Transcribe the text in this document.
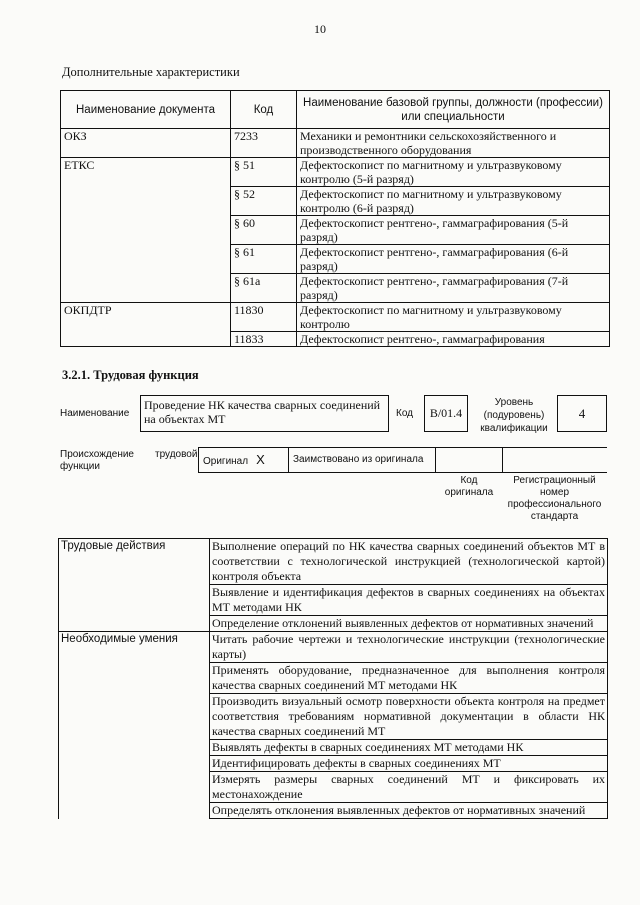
10
Дополнительные характеристики
Наименование документа	Код	Наименование базовой группы, должности (профессии) или специальности
ОКЗ	7233	Механики и ремонтники сельскохозяйственного и производственного оборудования
ЕТКС	§ 51	Дефектоскопист по магнитному и ультразвуковому контролю (5-й разряд)
	§ 52	Дефектоскопист по магнитному и ультразвуковому контролю (6-й разряд)
	§ 60	Дефектоскопист рентгено-, гаммаграфирования (5-й разряд)
	§ 61	Дефектоскопист рентгено-, гаммаграфирования (6-й разряд)
	§ 61а	Дефектоскопист рентгено-, гаммаграфирования (7-й разряд)
ОКПДТР	11830	Дефектоскопист по магнитному и ультразвуковому контролю
	11833	Дефектоскопист рентгено-, гаммаграфирования
3.2.1. Трудовая функция
Наименование
Проведение НК качества сварных соединений на объектах МТ	Код	В/01.4
Уровень (подуровень) квалификации
4
Происхождение функции
трудовой
Оригинал X	Заимствовано из оригинала
Код оригинала
Регистрационный номер профессионального стандарта
Трудовые действия	Выполнение операций по НК качества сварных соединений объектов МТ в соответствии с технологической инструкцией (технологической картой) контроля объекта
	Выявление и идентификация дефектов в сварных соединениях на объектах МТ методами НК
	Определение отклонений выявленных дефектов от нормативных значений
Необходимые умения	Читать рабочие чертежи и технологические инструкции (технологические карты)
	Применять оборудование, предназначенное для выполнения контроля качества сварных соединений МТ методами НК
	Производить визуальный осмотр поверхности объекта контроля на предмет соответствия требованиям нормативной документации в области НК качества сварных соединений МТ
	Выявлять дефекты в сварных соединениях МТ методами НК
	Идентифицировать дефекты в сварных соединениях МТ
	Измерять размеры сварных соединений МТ и фиксировать их местонахождение
	Определять отклонения выявленных дефектов от нормативных значений
